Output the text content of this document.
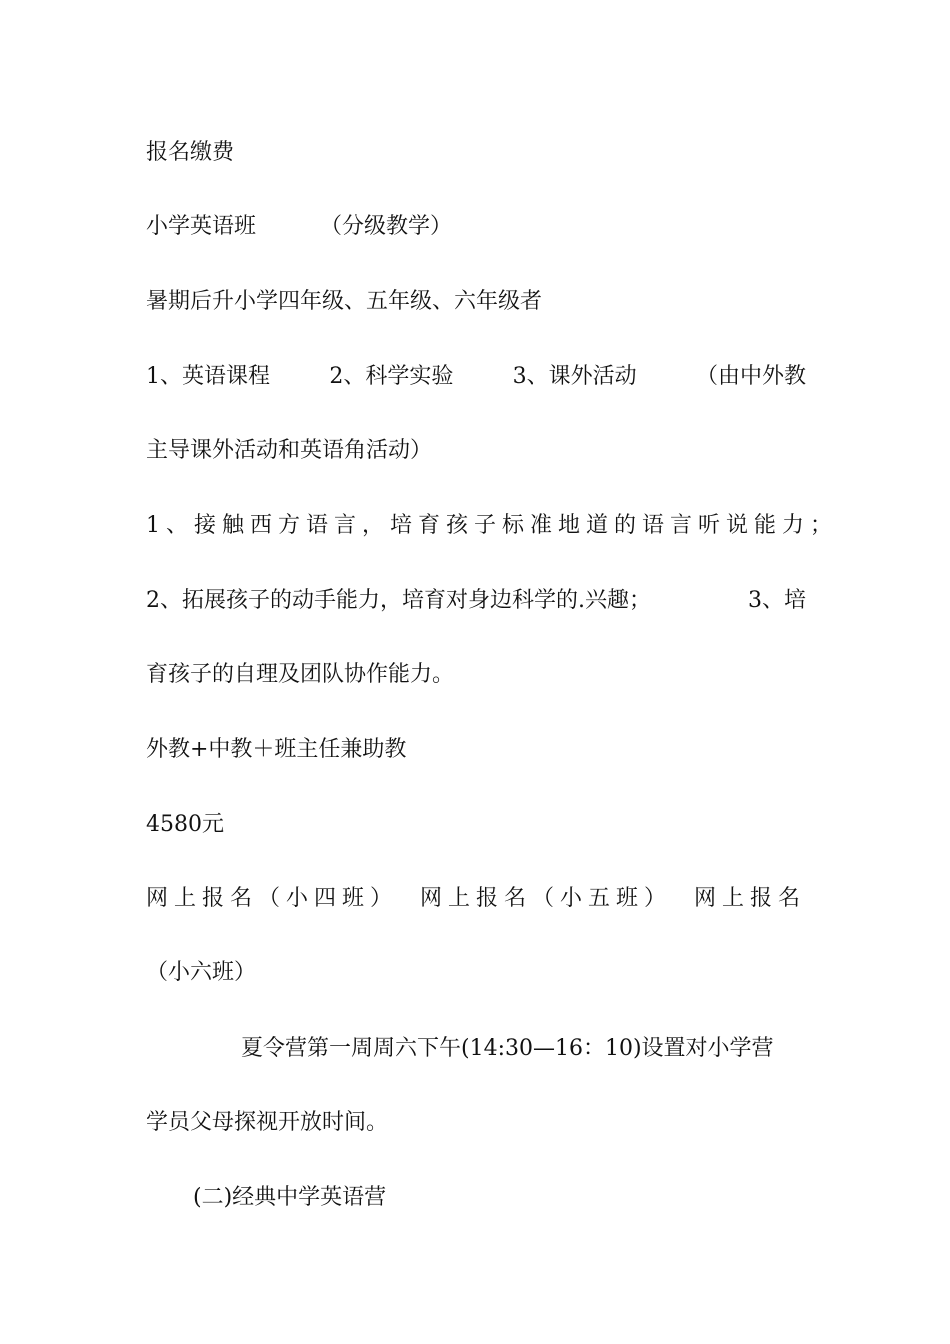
报名缴费
小学英语班	（分级教学）
暑期后升小学四年级、五年级、六年级者
1、英语课程	2、科学实验	3、课外活动	（由中外教
主导课外活动和英语角活动）
1、接触西方语言，培育孩子标准地道的语言听说能力；
2、拓展孩子的动手能力，培育对身边科学的.兴趣；	3、培
育孩子的自理及团队协作能力。
外教+中教＋班主任兼助教
4580元
网上报名（小四班） 网上报名（小五班） 网上报名
（小六班）
夏令营第一周周六下午(14:30—16：10)设置对小学营
学员父母探视开放时间。
(二)经典中学英语营
